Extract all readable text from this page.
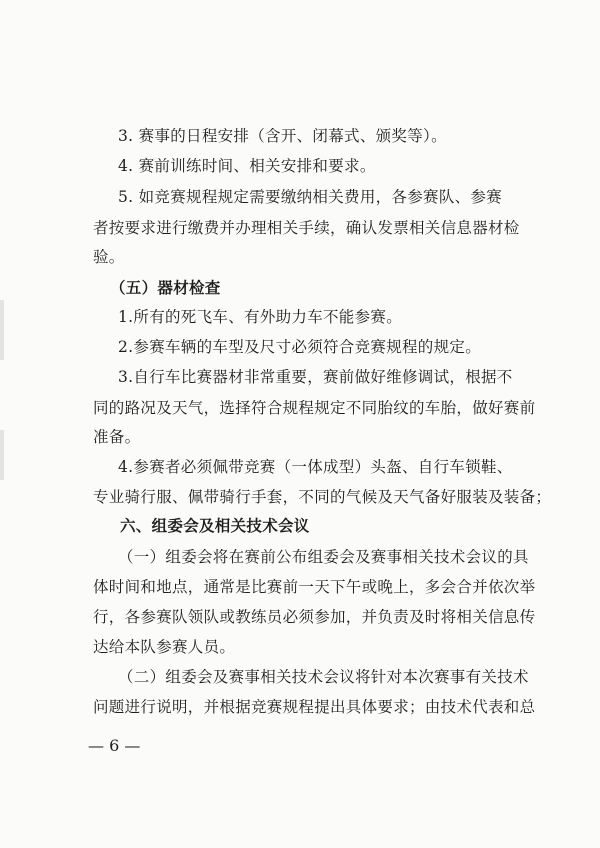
3. 赛事的日程安排（含开、闭幕式、颁奖等）。
4. 赛前训练时间、相关安排和要求。
5. 如竞赛规程规定需要缴纳相关费用，各参赛队、参赛
者按要求进行缴费并办理相关手续，确认发票相关信息器材检
验。
（五）器材检查
1.所有的死飞车、有外助力车不能参赛。
2.参赛车辆的车型及尺寸必须符合竞赛规程的规定。
3.自行车比赛器材非常重要，赛前做好维修调试，根据不
同的路况及天气，选择符合规程规定不同胎纹的车胎，做好赛前
准备。
4.参赛者必须佩带竞赛（一体成型）头盔、自行车锁鞋、
专业骑行服、佩带骑行手套，不同的气候及天气备好服装及装备；
六、组委会及相关技术会议
（一）组委会将在赛前公布组委会及赛事相关技术会议的具
体时间和地点，通常是比赛前一天下午或晚上，多会合并依次举
行，各参赛队领队或教练员必须参加，并负责及时将相关信息传
达给本队参赛人员。
（二）组委会及赛事相关技术会议将针对本次赛事有关技术
问题进行说明，并根据竞赛规程提出具体要求；由技术代表和总
— 6 —
